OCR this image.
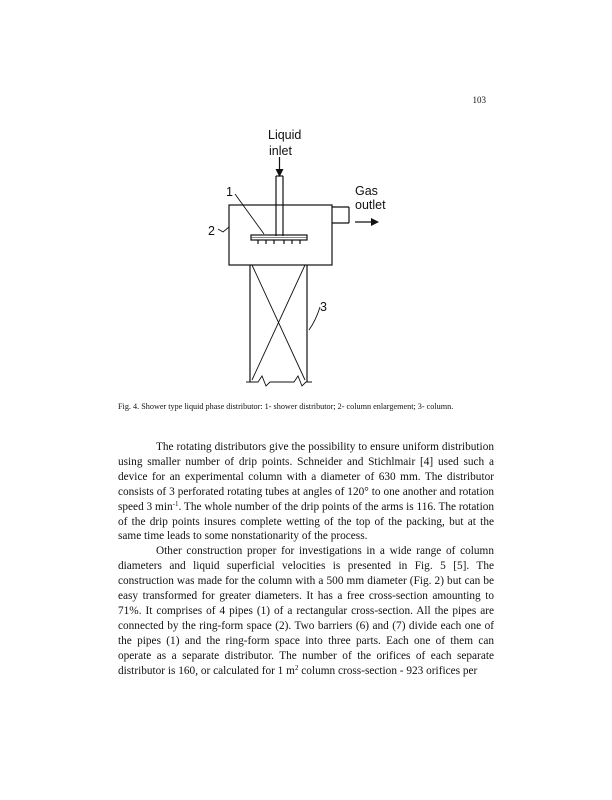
103
Liquid
inlet
Gas
outlet
1
2
3
Fig. 4. Shower type liquid phase distributor: 1- shower distributor; 2- column enlargement; 3- column.

The rotating distributors give the possibility to ensure uniform distribution using smaller number of drip points. Schneider and Stichlmair [4] used such a device for an experimental column with a diameter of 630 mm. The distributor consists of 3 perforated rotating tubes at angles of 120° to one another and rotation speed 3 $\min^{-1}$. The whole number of the drip points of the arms is 116. The rotation of the drip points insures complete wetting of the top of the packing, but at the same time leads to some nonstationarity of the process.

Other construction proper for investigations in a wide range of column diameters and liquid superficial velocities is presented in Fig. 5 [5]. The construction was made for the column with a 500 mm diameter (Fig. 2) but can be easy transformed for greater diameters. It has a free cross-section amounting to 71%. It comprises of 4 pipes (1) of a rectangular cross-section. All the pipes are connected by the ring-form space (2). Two barriers (6) and (7) divide each one of the pipes (1) and the ring-form space into three parts. Each one of them can operate as a separate distributor. The number of the orifices of each separate distributor is 160, or calculated for 1 $m^2$ column cross-section - 923 orifices per
